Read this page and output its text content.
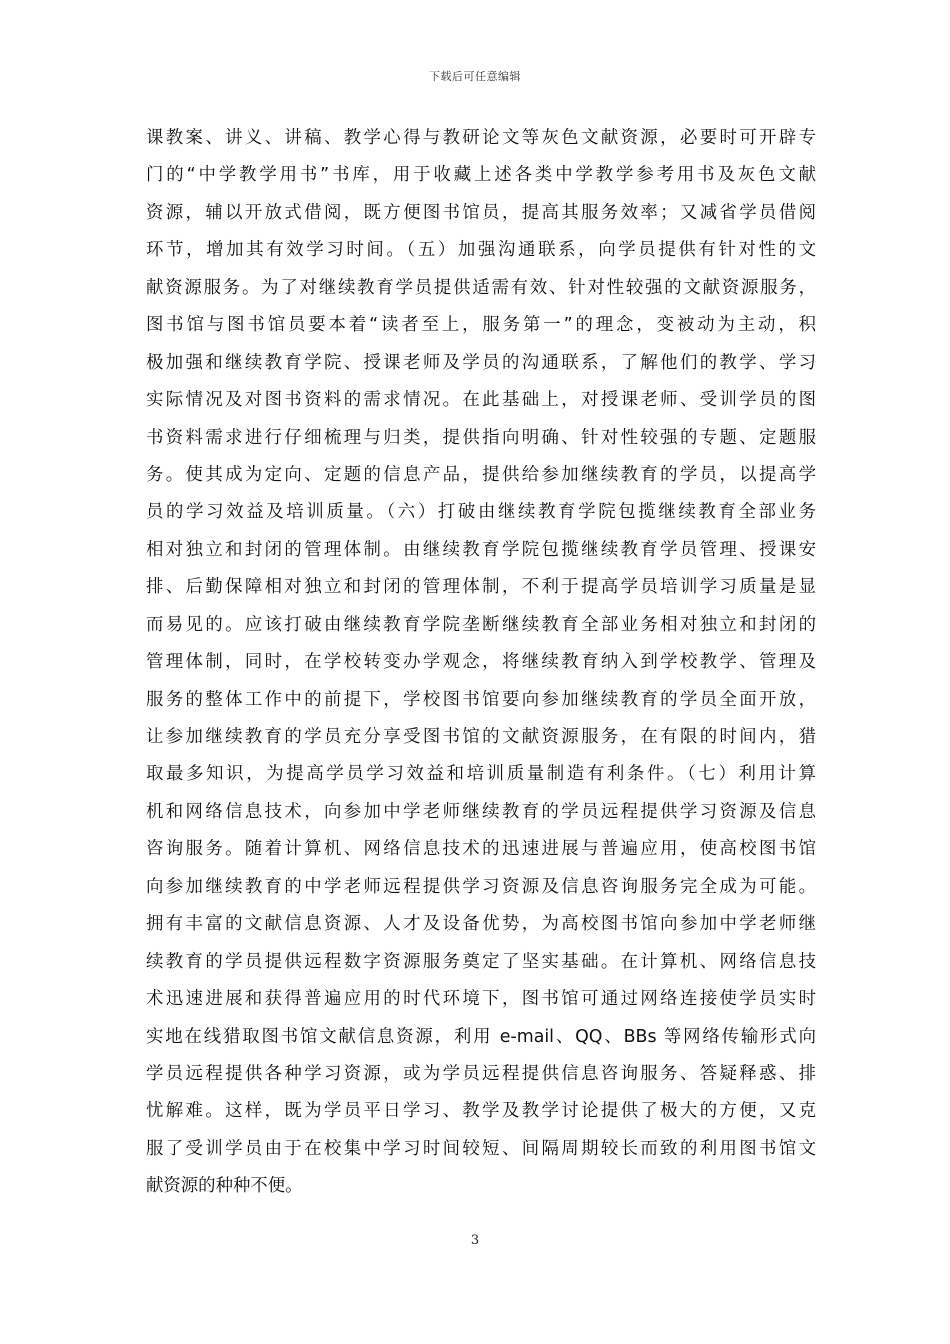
下载后可任意编辑
课教案、讲义、讲稿、教学心得与教研论文等灰色文献资源，必要时可开辟专
门的“中学教学用书”书库，用于收藏上述各类中学教学参考用书及灰色文献
资源，辅以开放式借阅，既方便图书馆员，提高其服务效率；又减省学员借阅
环节，增加其有效学习时间。（五）加强沟通联系，向学员提供有针对性的文
献资源服务。为了对继续教育学员提供适需有效、针对性较强的文献资源服务，
图书馆与图书馆员要本着“读者至上，服务第一”的理念，变被动为主动，积
极加强和继续教育学院、授课老师及学员的沟通联系，了解他们的教学、学习
实际情况及对图书资料的需求情况。在此基础上，对授课老师、受训学员的图
书资料需求进行仔细梳理与归类，提供指向明确、针对性较强的专题、定题服
务。使其成为定向、定题的信息产品，提供给参加继续教育的学员，以提高学
员的学习效益及培训质量。（六）打破由继续教育学院包揽继续教育全部业务
相对独立和封闭的管理体制。由继续教育学院包揽继续教育学员管理、授课安
排、后勤保障相对独立和封闭的管理体制，不利于提高学员培训学习质量是显
而易见的。应该打破由继续教育学院垄断继续教育全部业务相对独立和封闭的
管理体制，同时，在学校转变办学观念，将继续教育纳入到学校教学、管理及
服务的整体工作中的前提下，学校图书馆要向参加继续教育的学员全面开放，
让参加继续教育的学员充分享受图书馆的文献资源服务，在有限的时间内，猎
取最多知识，为提高学员学习效益和培训质量制造有利条件。（七）利用计算
机和网络信息技术，向参加中学老师继续教育的学员远程提供学习资源及信息
咨询服务。随着计算机、网络信息技术的迅速进展与普遍应用，使高校图书馆
向参加继续教育的中学老师远程提供学习资源及信息咨询服务完全成为可能。
拥有丰富的文献信息资源、人才及设备优势，为高校图书馆向参加中学老师继
续教育的学员提供远程数字资源服务奠定了坚实基础。在计算机、网络信息技
术迅速进展和获得普遍应用的时代环境下，图书馆可通过网络连接使学员实时
实地在线猎取图书馆文献信息资源，利用 e-mail、QQ、BBs 等网络传输形式向
学员远程提供各种学习资源，或为学员远程提供信息咨询服务、答疑释惑、排
忧解难。这样，既为学员平日学习、教学及教学讨论提供了极大的方便，又克
服了受训学员由于在校集中学习时间较短、间隔周期较长而致的利用图书馆文
献资源的种种不便。
3
